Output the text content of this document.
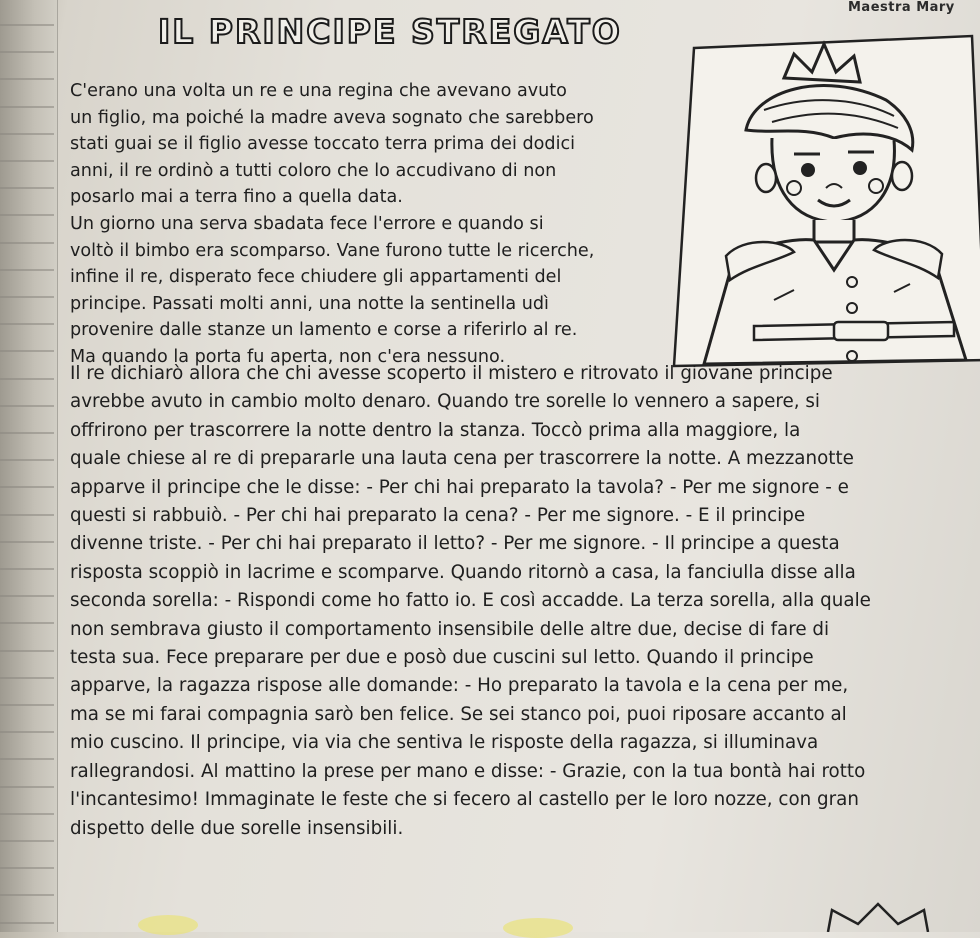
Maestra Mary
IL PRINCIPE STREGATO
C'erano una volta un re e una regina che avevano avuto
un figlio, ma poiché la madre aveva sognato che sarebbero
stati guai se il figlio avesse toccato terra prima dei dodici
anni, il re ordinò a tutti coloro che lo accudivano di non
posarlo mai a terra fino a quella data.
Un giorno una serva sbadata fece l'errore e quando si
voltò il bimbo era scomparso. Vane furono tutte le ricerche,
infine il re, disperato fece chiudere gli appartamenti del
principe. Passati molti anni, una notte la sentinella udì
provenire dalle stanze un lamento e corse a riferirlo al re.
Ma quando la porta fu aperta, non c'era nessuno.
Il re dichiarò allora che chi avesse scoperto il mistero e ritrovato il giovane principe
avrebbe avuto in cambio molto denaro. Quando tre sorelle lo vennero a sapere, si
offrirono per trascorrere la notte dentro la stanza. Toccò prima alla maggiore, la
quale chiese al re di prepararle una lauta cena per trascorrere la notte. A mezzanotte
apparve il principe che le disse: - Per chi hai preparato la tavola? - Per me signore - e
questi si rabbuiò. - Per chi hai preparato la cena? - Per me signore. - E il principe
divenne triste. - Per chi hai preparato il letto? - Per me signore. - Il principe a questa
risposta scoppiò in lacrime e scomparve. Quando ritornò a casa, la fanciulla disse alla
seconda sorella: - Rispondi come ho fatto io. E così accadde. La terza sorella, alla quale
non sembrava giusto il comportamento insensibile delle altre due, decise di fare di
testa sua. Fece preparare per due e posò due cuscini sul letto. Quando il principe
apparve, la ragazza rispose alle domande: - Ho preparato la tavola e la cena per me,
ma se mi farai compagnia sarò ben felice. Se sei stanco poi, puoi riposare accanto al
mio cuscino. Il principe, via via che sentiva le risposte della ragazza, si illuminava
rallegrandosi. Al mattino la prese per mano e disse: - Grazie, con la tua bontà hai rotto
l'incantesimo! Immaginate le feste che si fecero al castello per le loro nozze, con gran
dispetto delle due sorelle insensibili.
